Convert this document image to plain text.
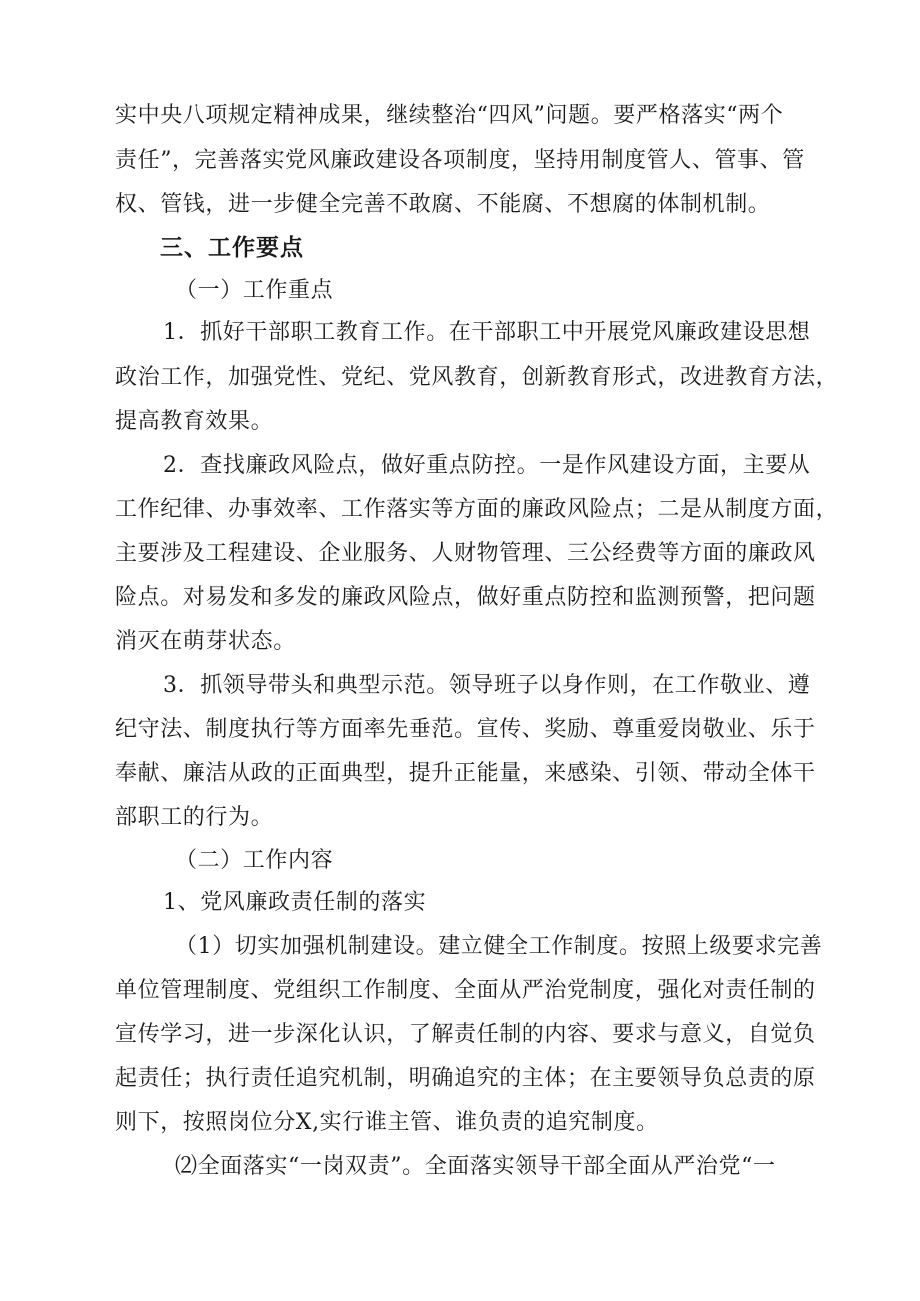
实中央八项规定精神成果，继续整治“四风”问题。要严格落实“两个
责任”，完善落实党风廉政建设各项制度，坚持用制度管人、管事、管
权、管钱，进一步健全完善不敢腐、不能腐、不想腐的体制机制。
三、工作要点
（一）工作重点
1．抓好干部职工教育工作。在干部职工中开展党风廉政建设思想
政治工作，加强党性、党纪、党风教育，创新教育形式，改进教育方法，
提高教育效果。
2．查找廉政风险点，做好重点防控。一是作风建设方面，主要从
工作纪律、办事效率、工作落实等方面的廉政风险点；二是从制度方面，
主要涉及工程建设、企业服务、人财物管理、三公经费等方面的廉政风
险点。对易发和多发的廉政风险点，做好重点防控和监测预警，把问题
消灭在萌芽状态。
3．抓领导带头和典型示范。领导班子以身作则，在工作敬业、遵
纪守法、制度执行等方面率先垂范。宣传、奖励、尊重爱岗敬业、乐于
奉献、廉洁从政的正面典型，提升正能量，来感染、引领、带动全体干
部职工的行为。
（二）工作内容
1、党风廉政责任制的落实
（1）切实加强机制建设。建立健全工作制度。按照上级要求完善
单位管理制度、党组织工作制度、全面从严治党制度，强化对责任制的
宣传学习，进一步深化认识，了解责任制的内容、要求与意义，自觉负
起责任；执行责任追究机制，明确追究的主体；在主要领导负总责的原
则下，按照岗位分X,实行谁主管、谁负责的追究制度。
⑵全面落实“一岗双责”。全面落实领导干部全面从严治党“一
